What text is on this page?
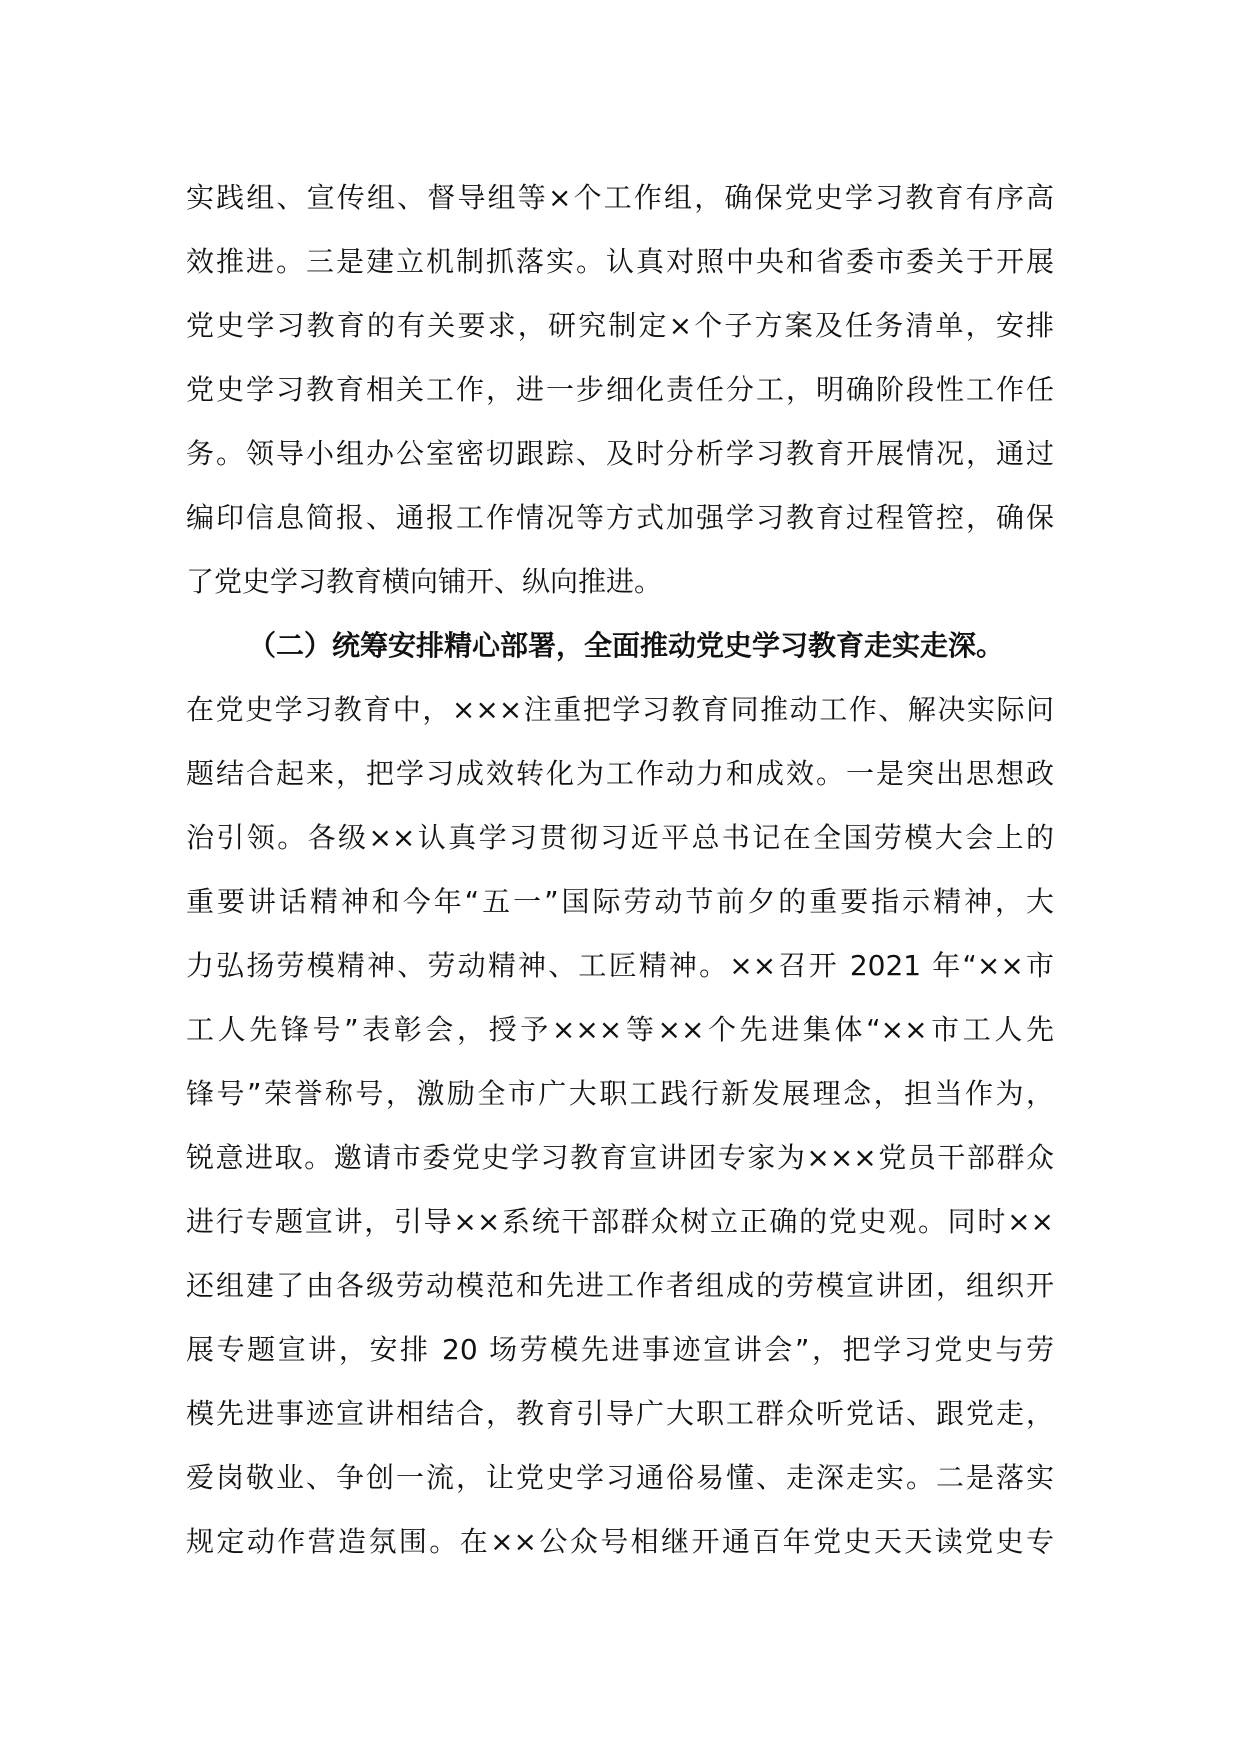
实践组、宣传组、督导组等×个工作组，确保党史学习教育有序高
效推进。三是建立机制抓落实。认真对照中央和省委市委关于开展
党史学习教育的有关要求，研究制定×个子方案及任务清单，安排
党史学习教育相关工作，进一步细化责任分工，明确阶段性工作任
务。领导小组办公室密切跟踪、及时分析学习教育开展情况，通过
编印信息简报、通报工作情况等方式加强学习教育过程管控，确保
了党史学习教育横向铺开、纵向推进。
（二）统筹安排精心部署，全面推动党史学习教育走实走深。
在党史学习教育中，×××注重把学习教育同推动工作、解决实际问
题结合起来，把学习成效转化为工作动力和成效。一是突出思想政
治引领。各级××认真学习贯彻习近平总书记在全国劳模大会上的
重要讲话精神和今年“五一”国际劳动节前夕的重要指示精神，大
力弘扬劳模精神、劳动精神、工匠精神。××召开 2021 年“××市
工人先锋号”表彰会，授予×××等××个先进集体“××市工人先
锋号”荣誉称号，激励全市广大职工践行新发展理念，担当作为，
锐意进取。邀请市委党史学习教育宣讲团专家为×××党员干部群众
进行专题宣讲，引导××系统干部群众树立正确的党史观。同时××
还组建了由各级劳动模范和先进工作者组成的劳模宣讲团，组织开
展专题宣讲，安排 20 场劳模先进事迹宣讲会”，把学习党史与劳
模先进事迹宣讲相结合，教育引导广大职工群众听党话、跟党走，
爱岗敬业、争创一流，让党史学习通俗易懂、走深走实。二是落实
规定动作营造氛围。在××公众号相继开通百年党史天天读党史专
